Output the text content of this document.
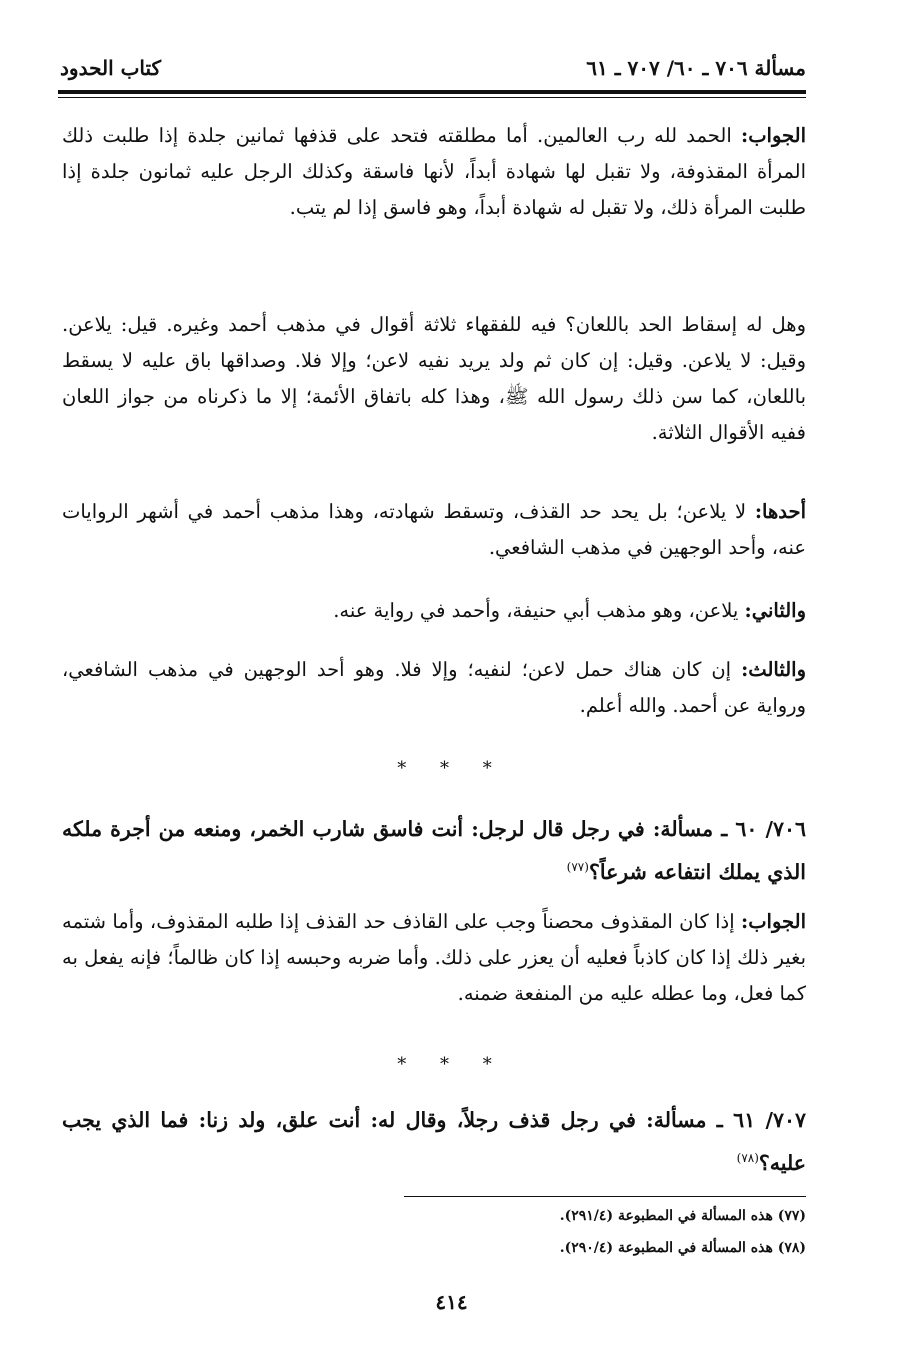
مسألة ٧٠٦ ـ ٦٠/ ٧٠٧ ـ ٦١
كتاب الحدود

الجواب: الحمد لله رب العالمين. أما مطلقته فتحد على قذفها ثمانين جلدة إذا طلبت ذلك المرأة المقذوفة، ولا تقبل لها شهادة أبداً، لأنها فاسقة وكذلك الرجل عليه ثمانون جلدة إذا طلبت المرأة ذلك، ولا تقبل له شهادة أبداً، وهو فاسق إذا لم يتب.

وهل له إسقاط الحد باللعان؟ فيه للفقهاء ثلاثة أقوال في مذهب أحمد وغيره. قيل: يلاعن. وقيل: لا يلاعن. وقيل: إن كان ثم ولد يريد نفيه لاعن؛ وإلا فلا. وصداقها باق عليه لا يسقط باللعان، كما سن ذلك رسول الله ﷺ، وهذا كله باتفاق الأئمة؛ إلا ما ذكرناه من جواز اللعان ففيه الأقوال الثلاثة.

أحدها: لا يلاعن؛ بل يحد حد القذف، وتسقط شهادته، وهذا مذهب أحمد في أشهر الروايات عنه، وأحد الوجهين في مذهب الشافعي.

والثاني: يلاعن، وهو مذهب أبي حنيفة، وأحمد في رواية عنه.

والثالث: إن كان هناك حمل لاعن؛ لنفيه؛ وإلا فلا. وهو أحد الوجهين في مذهب الشافعي، ورواية عن أحمد. والله أعلم.

* * *

٧٠٦/ ٦٠ ـ مسألة: في رجل قال لرجل: أنت فاسق شارب الخمر، ومنعه من أجرة ملكه الذي يملك انتفاعه شرعاً؟$^{(٧٧)}$

الجواب: إذا كان المقذوف محصناً وجب على القاذف حد القذف إذا طلبه المقذوف، وأما شتمه بغير ذلك إذا كان كاذباً فعليه أن يعزر على ذلك. وأما ضربه وحبسه إذا كان ظالماً؛ فإنه يفعل به كما فعل، وما عطله عليه من المنفعة ضمنه.

* * *

٧٠٧/ ٦١ ـ مسألة: في رجل قذف رجلاً، وقال له: أنت علق، ولد زنا: فما الذي يجب عليه؟$^{(٧٨)}$

(٧٧) هذه المسألة في المطبوعة (٢٩١/٤).
(٧٨) هذه المسألة في المطبوعة (٢٩٠/٤).
٤١٤
